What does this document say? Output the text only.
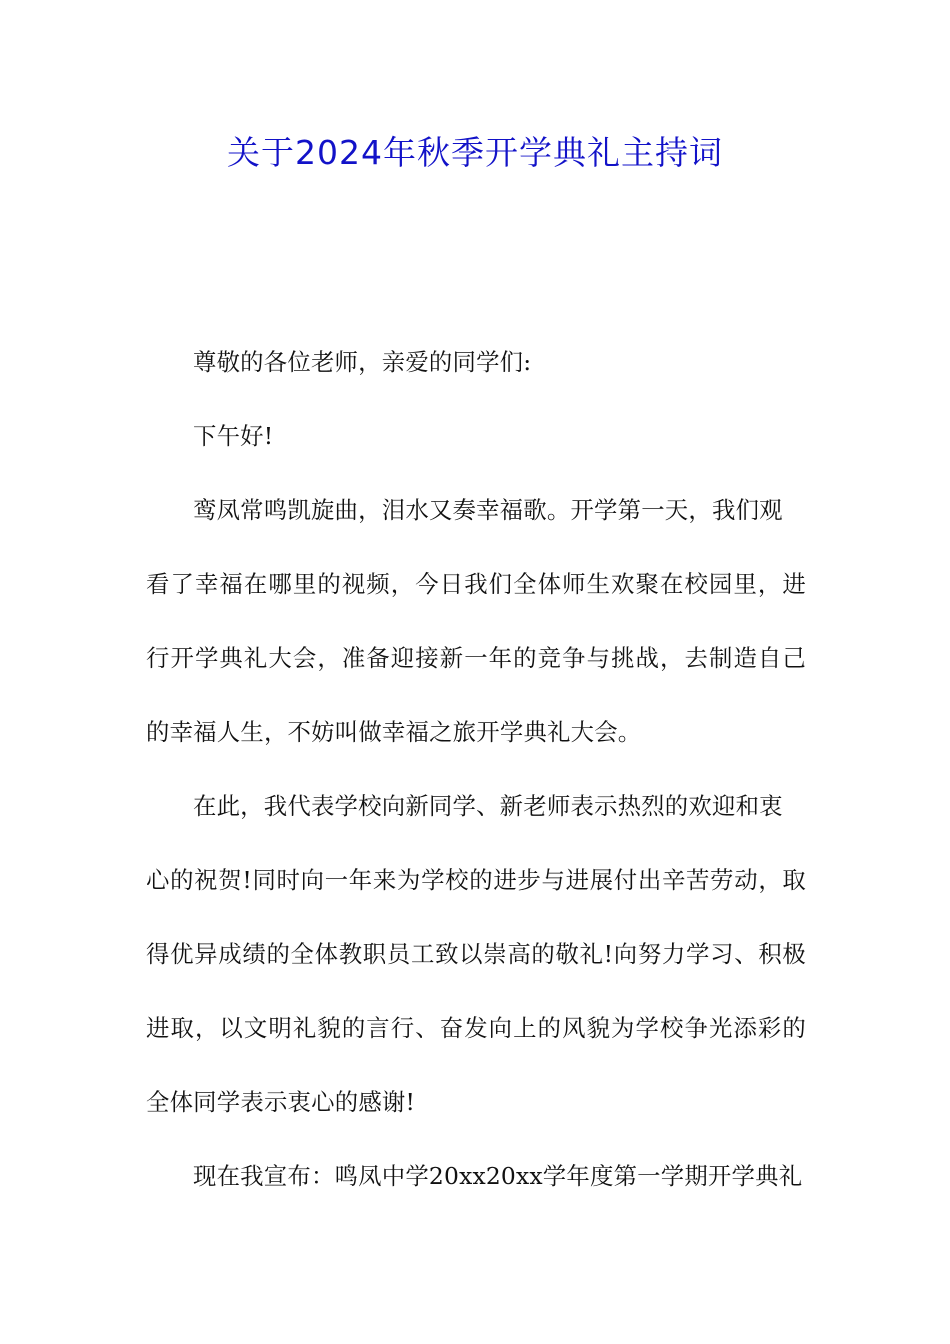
关于2024年秋季开学典礼主持词
尊敬的各位老师，亲爱的同学们:
下午好!
鸾凤常鸣凯旋曲，泪水又奏幸福歌。开学第一天，我们观
看了幸福在哪里的视频，今日我们全体师生欢聚在校园里，进
行开学典礼大会，准备迎接新一年的竞争与挑战，去制造自己
的幸福人生，不妨叫做幸福之旅开学典礼大会。
在此，我代表学校向新同学、新老师表示热烈的欢迎和衷
心的祝贺!同时向一年来为学校的进步与进展付出辛苦劳动，取
得优异成绩的全体教职员工致以崇高的敬礼!向努力学习、积极
进取，以文明礼貌的言行、奋发向上的风貌为学校争光添彩的
全体同学表示衷心的感谢!
现在我宣布：鸣凤中学20xx20xx学年度第一学期开学典礼
